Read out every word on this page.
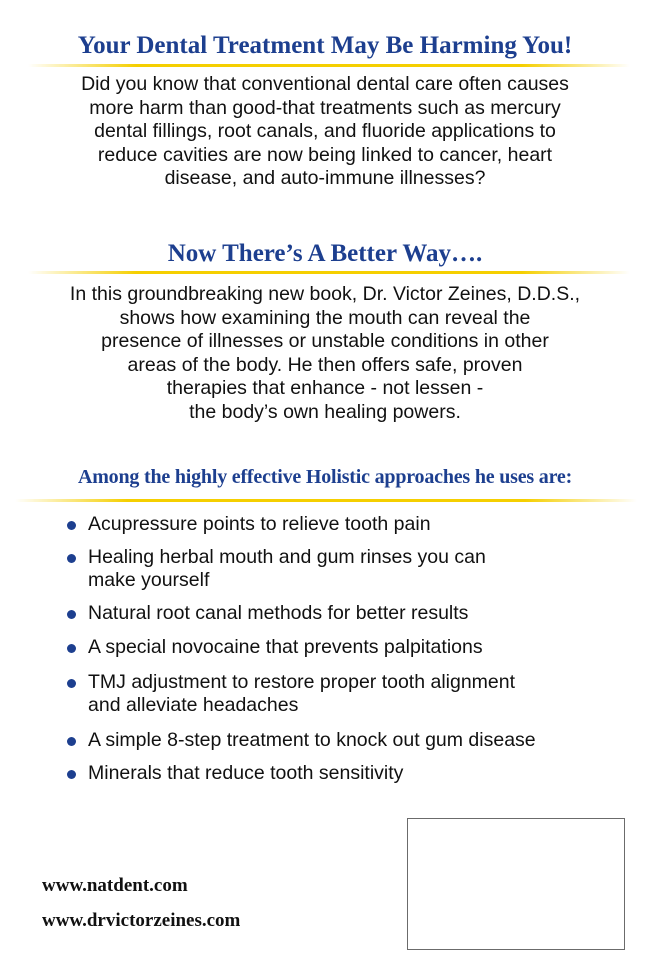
Your Dental Treatment May Be Harming You!

Did you know that conventional dental care often causes
more harm than good-that treatments such as mercury
dental fillings, root canals, and fluoride applications to
reduce cavities are now being linked to cancer, heart
disease, and auto-immune illnesses?

Now There’s A Better Way….

In this groundbreaking new book, Dr. Victor Zeines, D.D.S.,
shows how examining the mouth can reveal the
presence of illnesses or unstable conditions in other
areas of the body. He then offers safe, proven
therapies that enhance - not lessen -
the body’s own healing powers.

Among the highly effective Holistic approaches he uses are:
Acupressure points to relieve tooth pain
Healing herbal mouth and gum rinses you can
make yourself
Natural root canal methods for better results
A special novocaine that prevents palpitations
TMJ adjustment to restore proper tooth alignment
and alleviate headaches
A simple 8-step treatment to knock out gum disease
Minerals that reduce tooth sensitivity
www.natdent.com
www.drvictorzeines.com
